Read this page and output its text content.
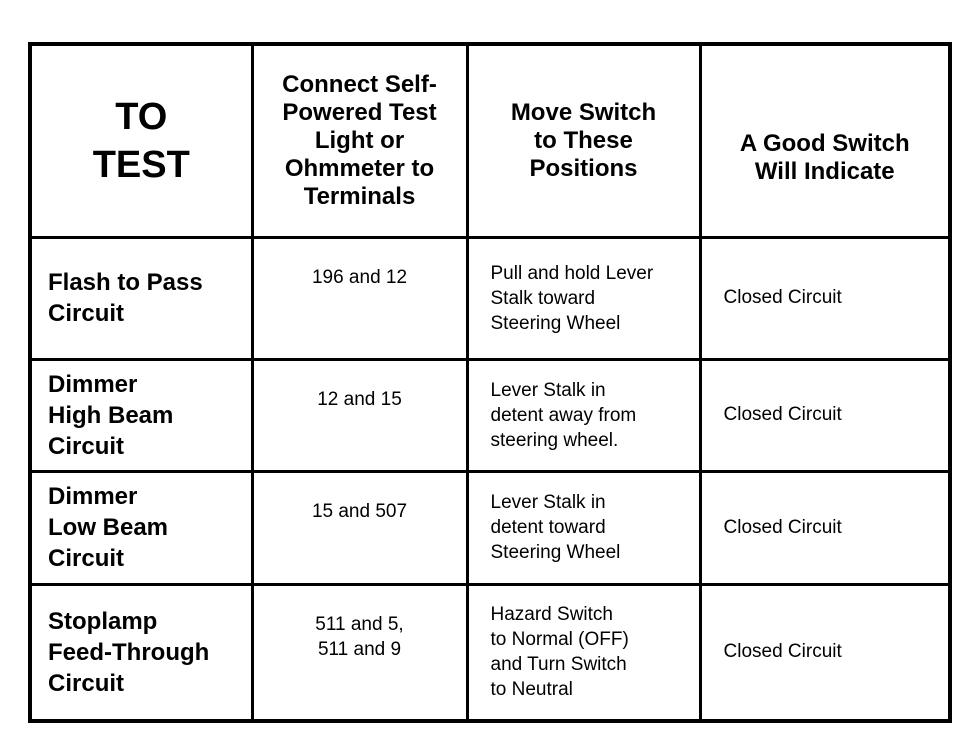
TO
TEST	Connect Self-
Powered Test
Light or
Ohmmeter to
Terminals	Move Switch
to These
Positions	A Good Switch
Will Indicate

Flash to Pass
Circuit	196 and 12	Pull and hold Lever
Stalk toward
Steering Wheel	Closed Circuit

Dimmer
High Beam
Circuit	12 and 15	Lever Stalk in
detent away from
steering wheel.	Closed Circuit

Dimmer
Low Beam
Circuit	15 and 507	Lever Stalk in
detent toward
Steering Wheel	Closed Circuit

Stoplamp
Feed-Through
Circuit	511 and 5,
511 and 9	Hazard Switch
to Normal (OFF)
and Turn Switch
to Neutral	Closed Circuit
